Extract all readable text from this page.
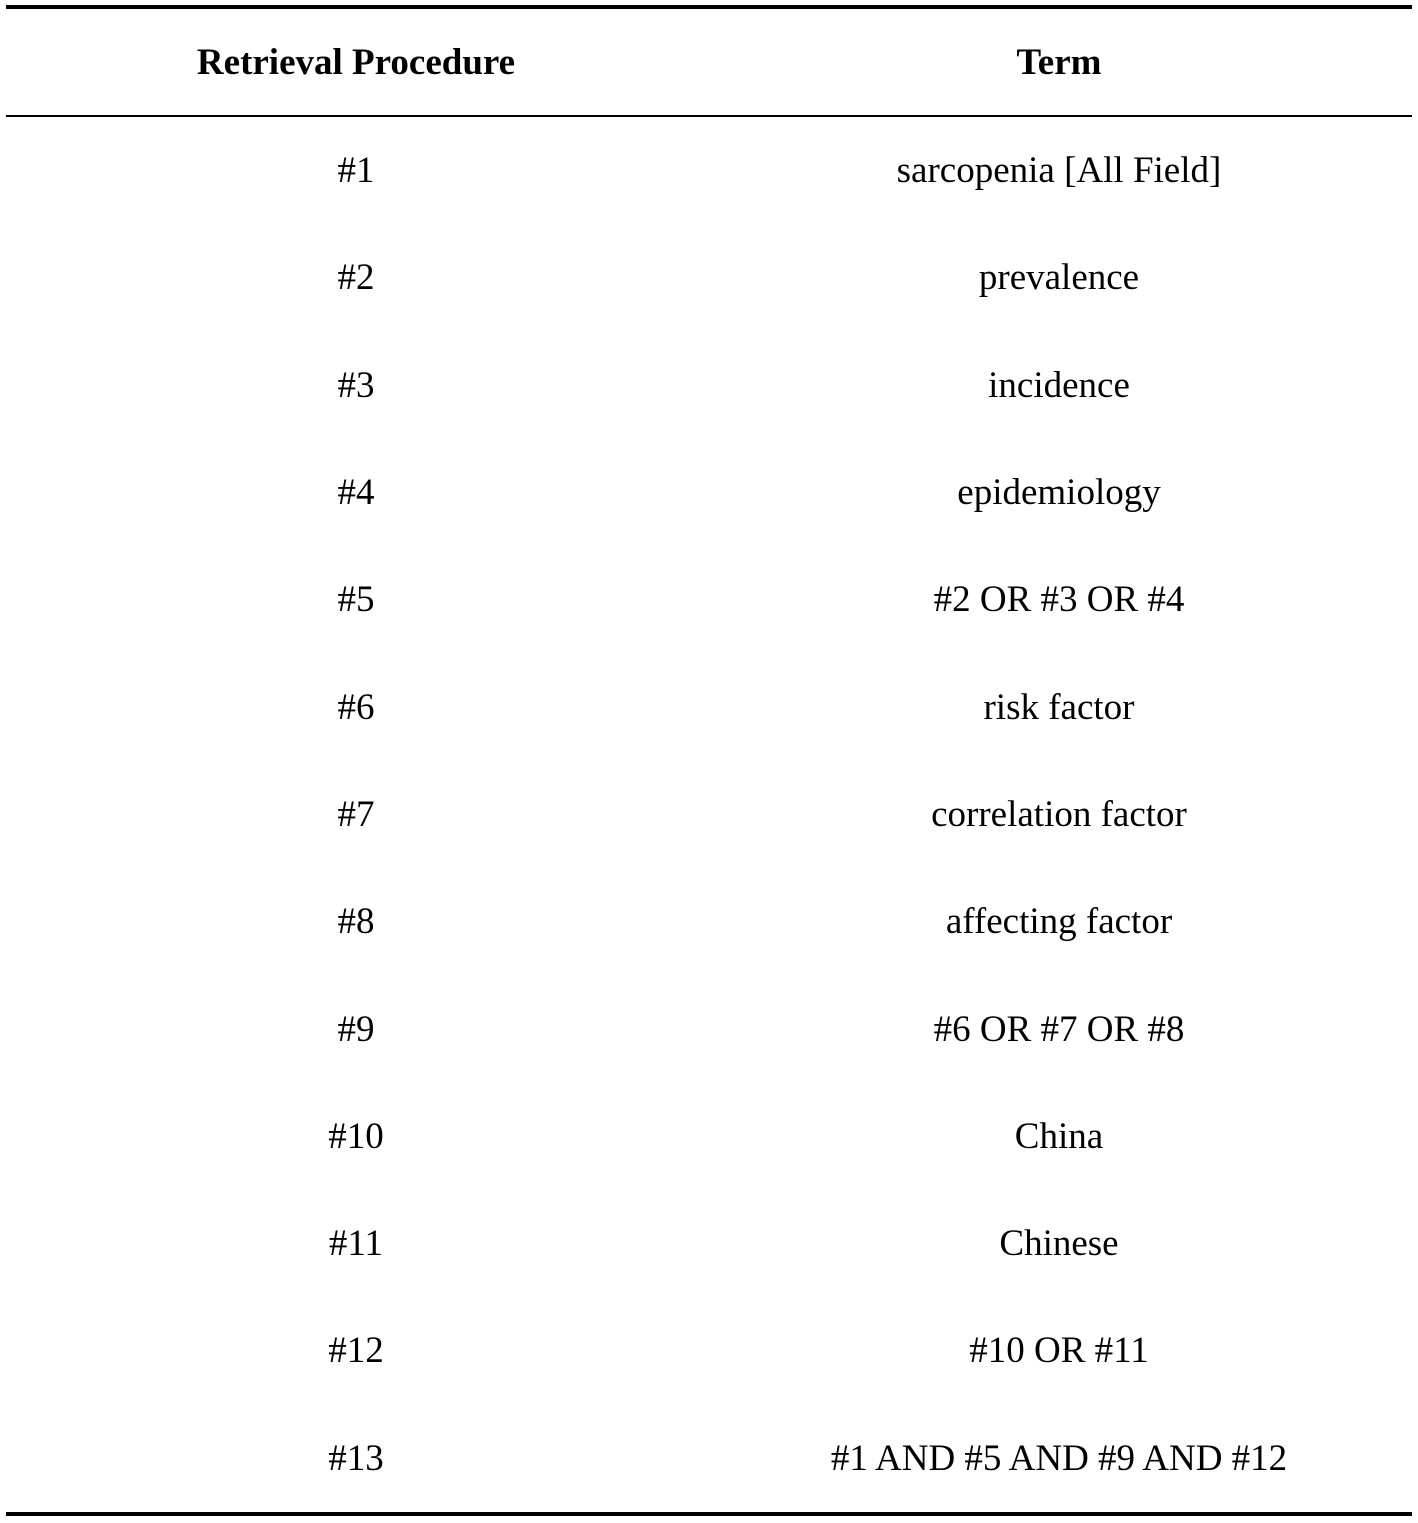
Retrieval Procedure	Term
#1	sarcopenia [All Field]
#2	prevalence
#3	incidence
#4	epidemiology
#5	#2 OR #3 OR #4
#6	risk factor
#7	correlation factor
#8	affecting factor
#9	#6 OR #7 OR #8
#10	China
#11	Chinese
#12	#10 OR #11
#13	#1 AND #5 AND #9 AND #12
